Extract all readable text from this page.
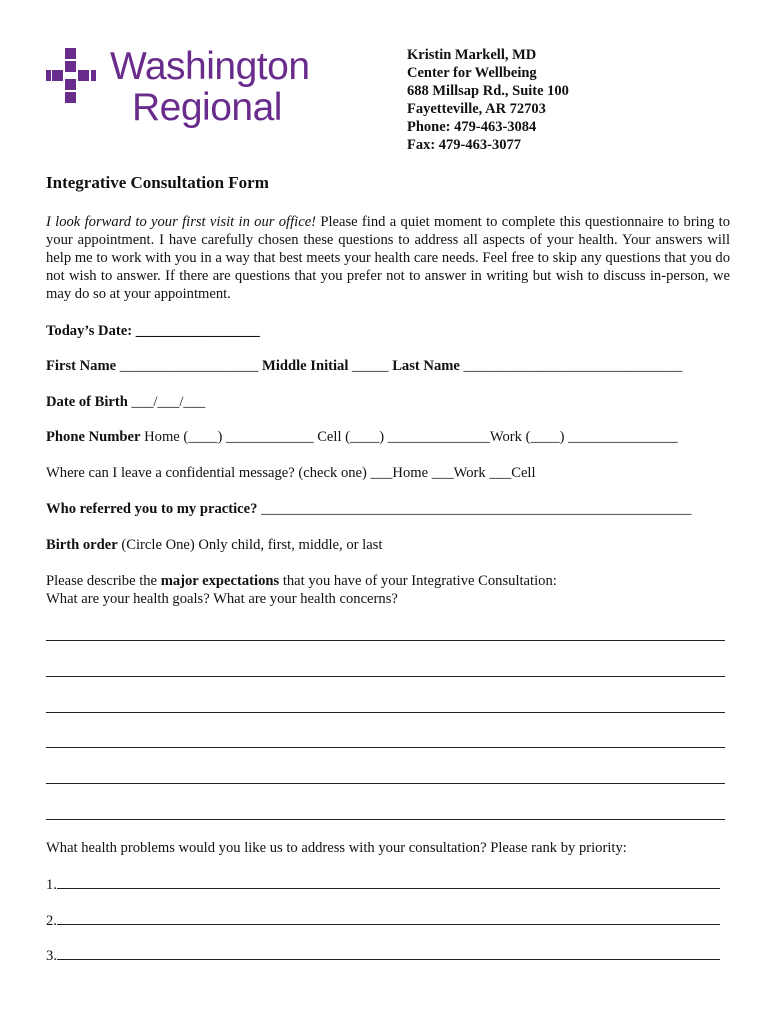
Washington
Regional
Kristin Markell, MD
Center for Wellbeing
688 Millsap Rd., Suite 100
Fayetteville, AR 72703
Phone: 479-463-3084
Fax: 479-463-3077
Integrative Consultation Form
I look forward to your first visit in our office! Please find a quiet moment to complete this questionnaire to bring to your appointment. I have carefully chosen these questions to address all aspects of your health. Your answers will help me to work with you in a way that best meets your health care needs. Feel free to skip any questions that you do not wish to answer. If there are questions that you prefer not to answer in writing but wish to discuss in-person, we may do so at your appointment.
Today’s Date: _________________
First Name ___________________ Middle Initial _____ Last Name ______________________________
Date of Birth ___/___/___
Phone Number Home (____) ____________ Cell (____) ______________Work (____) _______________
Where can I leave a confidential message? (check one) ___Home ___Work ___Cell
Who referred you to my practice? ___________________________________________________________
Birth order (Circle One) Only child, first, middle, or last
Please describe the major expectations that you have of your Integrative Consultation:
What are your health goals? What are your health concerns?
What health problems would you like us to address with your consultation? Please rank by priority:
1.
2.
3.
